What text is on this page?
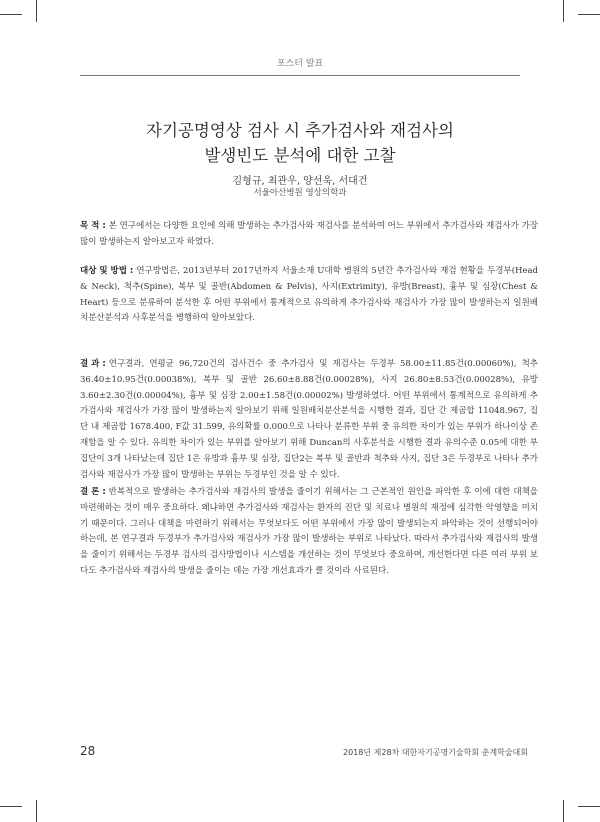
포스터 발표
자기공명영상 검사 시 추가검사와 재검사의
발생빈도 분석에 대한 고찰
김형규, 최관우, 양선욱, 서대건
서울아산병원 영상의학과
목 적 : 본 연구에서는 다양한 요인에 의해 발생하는 추가검사와 재검사를 분석하여 어느 부위에서 추가검사와 재검사가 가장 많이 발생하는지 알아보고자 하였다.
대상 및 방법 : 연구방법은, 2013년부터 2017년까지 서울소재 U대학 병원의 5년간 추가검사와 재검 현황을 두경부(Head & Neck), 척추(Spine), 복부 및 골반(Abdomen & Pelvis), 사지(Extrimity), 유방(Breast), 흉부 및 심장(Chest & Heart) 등으로 분류하여 분석한 후 어떤 부위에서 통계적으로 유의하게 추가검사와 재검사가 가장 많이 발생하는지 일원배치분산분석과 사후분석을 병행하여 알아보았다.
결 과 : 연구결과, 연평균 96,720건의 검사건수 중 추가검사 및 재검사는 두경부 58.00±11.85건(0.00060%), 척추 36.40±10.95건(0.00038%), 복부 및 골반 26.60±8.88건(0.00028%), 사지 26.80±8.53건(0.00028%), 유방 3.60±2.30건(0.00004%), 흉부 및 심장 2.00±1.58건(0.00002%) 발생하였다. 어떤 부위에서 통계적으로 유의하게 추가검사와 재검사가 가장 많이 발생하는지 알아보기 위해 일원배치분산분석을 시행한 결과, 집단 간 제곱합 11048.967, 집단 내 제곱합 1678.400, F값 31.599, 유의확률 0.000으로 나타나 분류한 부위 중 유의한 차이가 있는 부위가 하나이상 존재함을 알 수 있다. 유의한 차이가 있는 부위를 알아보기 위해 Duncan의 사후분석을 시행한 결과 유의수준 0.05에 대한 부집단이 3개 나타났는데 집단 1은 유방과 흉부 및 심장, 집단2는 복부 및 골반과 척추와 사지, 집단 3은 두경부로 나타나 추가검사와 재검사가 가장 많이 발생하는 부위는 두경부인 것을 알 수 있다.
결 론 : 반복적으로 발생하는 추가검사와 재검사의 발생을 줄이기 위해서는 그 근본적인 원인을 파악한 후 이에 대한 대책을 마련해하는 것이 매우 중요하다. 왜냐하면 추가검사와 재검사는 환자의 진단 및 치료나 병원의 재정에 심각한 악영향을 미치기 때문이다. 그러나 대책을 마련하기 위해서는 무엇보다도 어떤 부위에서 가장 많이 발생되는지 파악하는 것이 선행되어야 하는데, 본 연구결과 두경부가 추가검사와 재검사가 가장 많이 발생하는 부위로 나타났다. 따라서 추가검사와 재검사의 발생을 줄이기 위해서는 두경부 검사의 검사방법이나 시스템을 개선하는 것이 무엇보다 중요하며, 개선한다면 다른 여러 부위 보다도 추가검사와 재검사의 발생을 줄이는 데는 가장 개선효과가 클 것이라 사료된다.
28	2018년 제28차 대한자기공명기술학회 춘계학술대회
